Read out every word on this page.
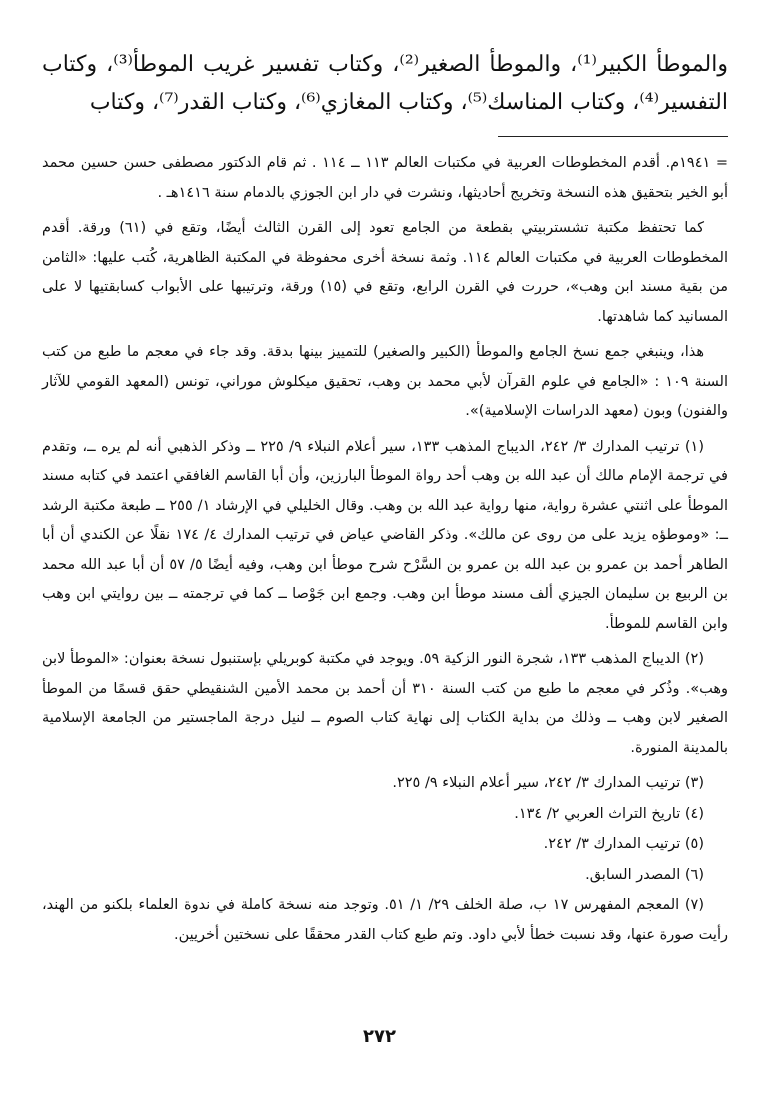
والموطأ الكبير⁽¹⁾، والموطأ الصغير⁽²⁾، وكتاب تفسير غريب الموطأ⁽³⁾، وكتاب التفسير⁽⁴⁾، وكتاب المناسك⁽⁵⁾، وكتاب المغازي⁽⁶⁾، وكتاب القدر⁽⁷⁾، وكتاب

= ١٩٤١م. أقدم المخطوطات العربية في مكتبات العالم ١١٣ ــ ١١٤ . ثم قام الدكتور مصطفى حسن حسين محمد أبو الخير بتحقيق هذه النسخة وتخريج أحاديثها، ونشرت في دار ابن الجوزي بالدمام سنة ١٤١٦هـ .

كما تحتفظ مكتبة تشستربيتي بقطعة من الجامع تعود إلى القرن الثالث أيضًا، وتقع في (٦١) ورقة. أقدم المخطوطات العربية في مكتبات العالم ١١٤. وثمة نسخة أخرى محفوظة في المكتبة الظاهرية، كُتب عليها: «الثامن من بقية مسند ابن وهب»، حررت في القرن الرابع، وتقع في (١٥) ورقة، وترتيبها على الأبواب كسابقتيها لا على المسانيد كما شاهدتها.

هذا، وينبغي جمع نسخ الجامع والموطأ (الكبير والصغير) للتمييز بينها بدقة. وقد جاء في معجم ما طبع من كتب السنة ١٠٩ : «الجامع في علوم القرآن لأبي محمد بن وهب، تحقيق ميكلوش موراني، تونس (المعهد القومي للآثار والفنون) وبون (معهد الدراسات الإسلامية)».

(١) ترتيب المدارك ٣/ ٢٤٢، الديباج المذهب ١٣٣، سير أعلام النبلاء ٩/ ٢٢٥ ــ وذكر الذهبي أنه لم يره ــ، وتقدم في ترجمة الإمام مالك أن عبد الله بن وهب أحد رواة الموطأ البارزين، وأن أبا القاسم الغافقي اعتمد في كتابه مسند الموطأ على اثنتي عشرة رواية، منها رواية عبد الله بن وهب. وقال الخليلي في الإرشاد ١/ ٢٥٥ ــ طبعة مكتبة الرشد ــ: «وموطؤه يزيد على من روى عن مالك». وذكر القاضي عياض في ترتيب المدارك ٤/ ١٧٤ نقلًا عن الكندي أن أبا الطاهر أحمد بن عمرو بن عبد الله بن عمرو بن السَّرْح شرح موطأ ابن وهب، وفيه أيضًا ٥/ ٥٧ أن أبا عبد الله محمد بن الربيع بن سليمان الجيزي ألف مسند موطأ ابن وهب. وجمع ابن جَوْصا ــ كما في ترجمته ــ بين روايتي ابن وهب وابن القاسم للموطأ.

(٢) الديباج المذهب ١٣٣، شجرة النور الزكية ٥٩. ويوجد في مكتبة كوبريلي بإستنبول نسخة بعنوان: «الموطأ لابن وهب». وذُكر في معجم ما طبع من كتب السنة ٣١٠ أن أحمد بن محمد الأمين الشنقيطي حقق قسمًا من الموطأ الصغير لابن وهب ــ وذلك من بداية الكتاب إلى نهاية كتاب الصوم ــ لنيل درجة الماجستير من الجامعة الإسلامية بالمدينة المنورة.

(٣) ترتيب المدارك ٣/ ٢٤٢، سير أعلام النبلاء ٩/ ٢٢٥.

(٤) تاريخ التراث العربي ٢/ ١٣٤.

(٥) ترتيب المدارك ٣/ ٢٤٢.

(٦) المصدر السابق.

(٧) المعجم المفهرس ١٧ ب، صلة الخلف ٢٩/ ١/ ٥١. وتوجد منه نسخة كاملة في ندوة العلماء بلكنو من الهند، رأيت صورة عنها، وقد نسبت خطأ لأبي داود. وتم طبع كتاب القدر محققًا على نسختين أخريين.

٢٧٢
